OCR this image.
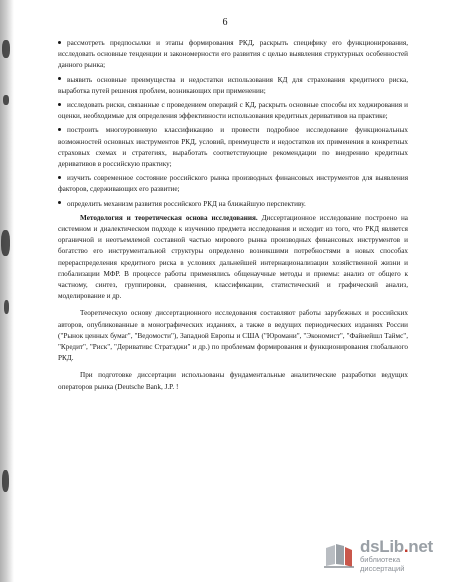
6

рассмотреть предпосылки и этапы формирования РКД, раскрыть специфику его функционирования, исследовать основные тенденции и закономерности его развития с целью выявления структурных особенностей данного рынка;

выявить основные преимущества и недостатки использования КД для страхования кредитного риска, выработка путей решения проблем, возникающих при применении;

исследовать риски, связанные с проведением операций с КД, раскрыть основные способы их хеджирования и оценки, необходимые для определения эффективности использования кредитных деривативов на практике;

построить многоуровневую классификацию и провести подробное исследование функциональных возможностей основных инструментов РКД, условий, преимуществ и недостатков их применения в конкретных страховых схемах и стратегиях, выработать соответствующие рекомендации по внедрению кредитных деривативов в российскую практику;

изучить современное состояние российского рынка производных финансовых инструментов для выявления факторов, сдерживающих его развитие;

определить механизм развития российского РКД на ближайшую перспективу.

Методология и теоретическая основа исследования. Диссертационное исследование построено на системном и диалектическом подходе к изучению предмета исследования и исходит из того, что РКД является органичной и неотъемлемой составной частью мирового рынка производных финансовых инструментов и богатство его инструментальной структуры определено возникшими потребностями в новых способах перераспределения кредитного риска в условиях дальнейшей интернационализации хозяйственной жизни и глобализации МФР. В процессе работы применялись общенаучные методы и приемы: анализ от общего к частному, синтез, группировки, сравнения, классификации, статистический и графический анализ, моделирование и др.

Теоретическую основу диссертационного исследования составляют работы зарубежных и российских авторов, опубликованные в монографических изданиях, а также в ведущих периодических изданиях России ("Рынок ценных бумаг", "Ведомости"), Западной Европы и США ("Юромани", "Экономист", "Файнейшл Таймс", "Кредит", "Риск", "Деривативс Стратэджи" и др.) по проблемам формирования и функционирования глобального РКД.

При подготовке диссертации использованы фундаментальные аналитические разработки ведущих операторов рынка (Deutsche Bank, J.P. !

dsLib.net
библиотека диссертаций
